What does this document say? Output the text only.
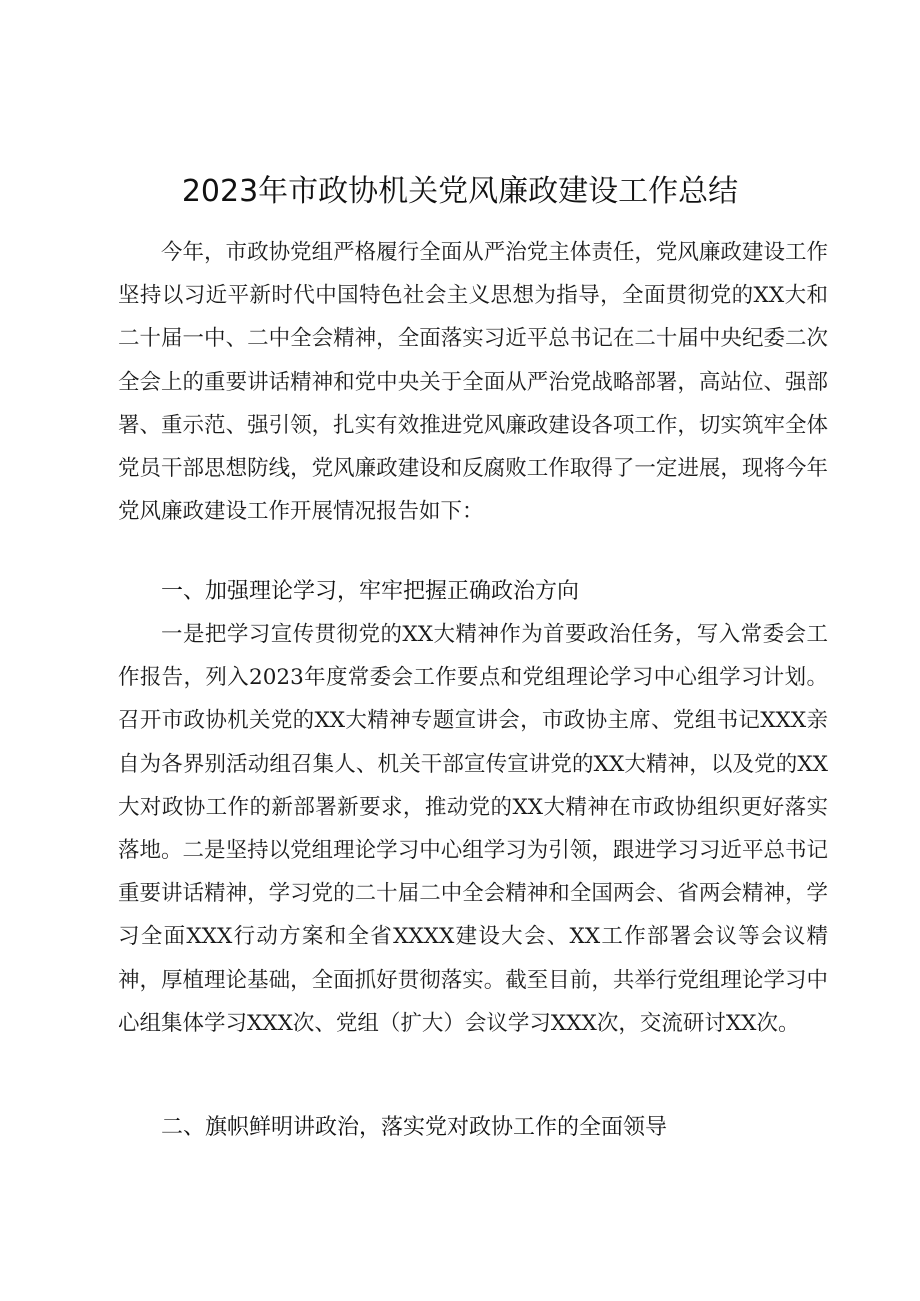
2023年市政协机关党风廉政建设工作总结
今年，市政协党组严格履行全面从严治党主体责任，党风廉政建设工作坚持以习近平新时代中国特色社会主义思想为指导，全面贯彻党的XX大和二十届一中、二中全会精神，全面落实习近平总书记在二十届中央纪委二次全会上的重要讲话精神和党中央关于全面从严治党战略部署，高站位、强部署、重示范、强引领，扎实有效推进党风廉政建设各项工作，切实筑牢全体党员干部思想防线，党风廉政建设和反腐败工作取得了一定进展，现将今年党风廉政建设工作开展情况报告如下：
一、加强理论学习，牢牢把握正确政治方向
一是把学习宣传贯彻党的XX大精神作为首要政治任务，写入常委会工作报告，列入2023年度常委会工作要点和党组理论学习中心组学习计划。召开市政协机关党的XX大精神专题宣讲会，市政协主席、党组书记XXX亲自为各界别活动组召集人、机关干部宣传宣讲党的XX大精神，以及党的XX大对政协工作的新部署新要求，推动党的XX大精神在市政协组织更好落实落地。二是坚持以党组理论学习中心组学习为引领，跟进学习习近平总书记重要讲话精神，学习党的二十届二中全会精神和全国两会、省两会精神，学习全面XXX行动方案和全省XXXX建设大会、XX工作部署会议等会议精神，厚植理论基础，全面抓好贯彻落实。截至目前，共举行党组理论学习中心组集体学习XXX次、党组（扩大）会议学习XXX次，交流研讨XX次。
二、旗帜鲜明讲政治，落实党对政协工作的全面领导
